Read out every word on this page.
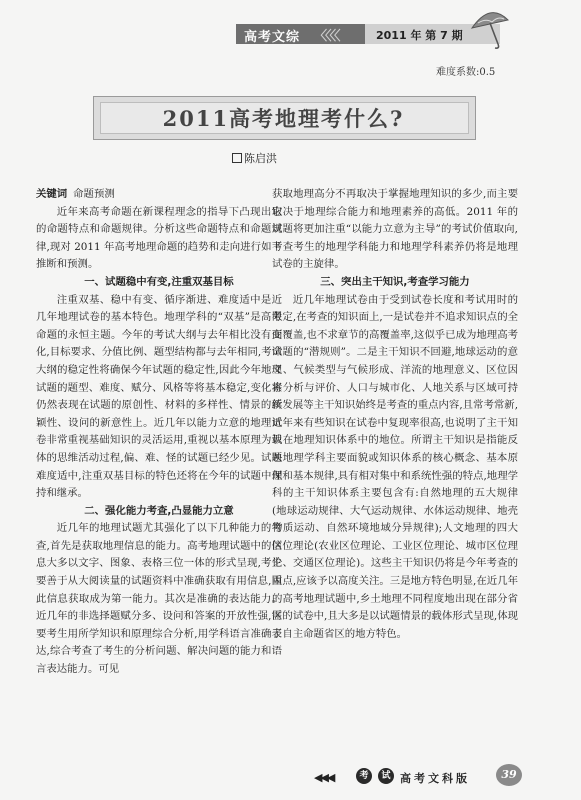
高考文综 〈〈〈〈	2011 年 第 7 期
难度系数:0.5
2011高考地理考什么?
陈启洪

关键词 命题预测

近年来高考命题在新课程理念的指导下凸现出它的命题特点和命题规律。分析这些命题特点和命题规律,现对 2011 年高考地理命题的趋势和走向进行如下推断和预测。

一、试题稳中有变,注重双基目标

注重双基、稳中有变、循序渐进、难度适中是近几年地理试卷的基本特色。地理学科的“双基”是高考命题的永恒主题。今年的考试大纲与去年相比没有变化,目标要求、分值比例、题型结构都与去年相同,考试大纲的稳定性将确保今年试题的稳定性,因此今年地理试题的题型、难度、赋分、风格等将基本稳定,变化将仍然表现在试题的原创性、材料的多样性、情景的新颖性、设问的新意性上。近几年以能力立意的地理试卷非常重视基础知识的灵活运用,重视以基本原理为载体的思维活动过程,偏、难、怪的试题已经少见。试题难度适中,注重双基目标的特色还将在今年的试题中保持和继承。

二、强化能力考查,凸显能力立意

近几年的地理试题尤其强化了以下几种能力的考查,首先是获取地理信息的能力。高考地理试题中的信息大多以文字、图象、表格三位一体的形式呈现,考生要善于从大阅读量的试题资料中准确获取有用信息,因此信息获取成为第一能力。其次是准确的表达能力。近几年的非选择题赋分多、设问和答案的开放性强,需要考生用所学知识和原理综合分析,用学科语言准确表达,综合考查了考生的分析问题、解决问题的能力和语言表达能力。可见

获取地理高分不再取决于掌握地理知识的多少,而主要取决于地理综合能力和地理素养的高低。2011 年的试题将更加注重“以能力立意为主导”的考试价值取向,考查考生的地理学科能力和地理学科素养仍将是地理试卷的主旋律。

三、突出主干知识,考查学习能力

近几年地理试卷由于受到试卷长度和考试用时的限定,在考查的知识面上,一是试卷并不追求知识点的全面覆盖,也不求章节的高覆盖率,这似乎已成为地理高考命题的“潜规则”。二是主干知识不回避,地球运动的意义、气候类型与气候形成、洋流的地理意义、区位因素分析与评价、人口与城市化、人地关系与区域可持续发展等主干知识始终是考查的重点内容,且常考常新,近年来有些知识在试卷中复现率很高,也说明了主干知识在地理知识体系中的地位。所谓主干知识是指能反映地理学科主要面貌或知识体系的核心概念、基本原理和基本规律,具有相对集中和系统性强的特点,地理学科的主干知识体系主要包含有:自然地理的五大规律(地球运动规律、大气运动规律、水体运动规律、地壳物质运动、自然环境地域分异规律);人文地理的四大区位理论(农业区位理论、工业区位理论、城市区位理论、交通区位理论)。这些主干知识仍将是今年考查的重点,应该予以高度关注。三是地方特色明显,在近几年的高考地理试题中,乡土地理不同程度地出现在部分省区的试卷中,且大多是以试题情景的载体形式呈现,体现了自主命题省区的地方特色。

◀◀◀	考	试 高考文科版	39
